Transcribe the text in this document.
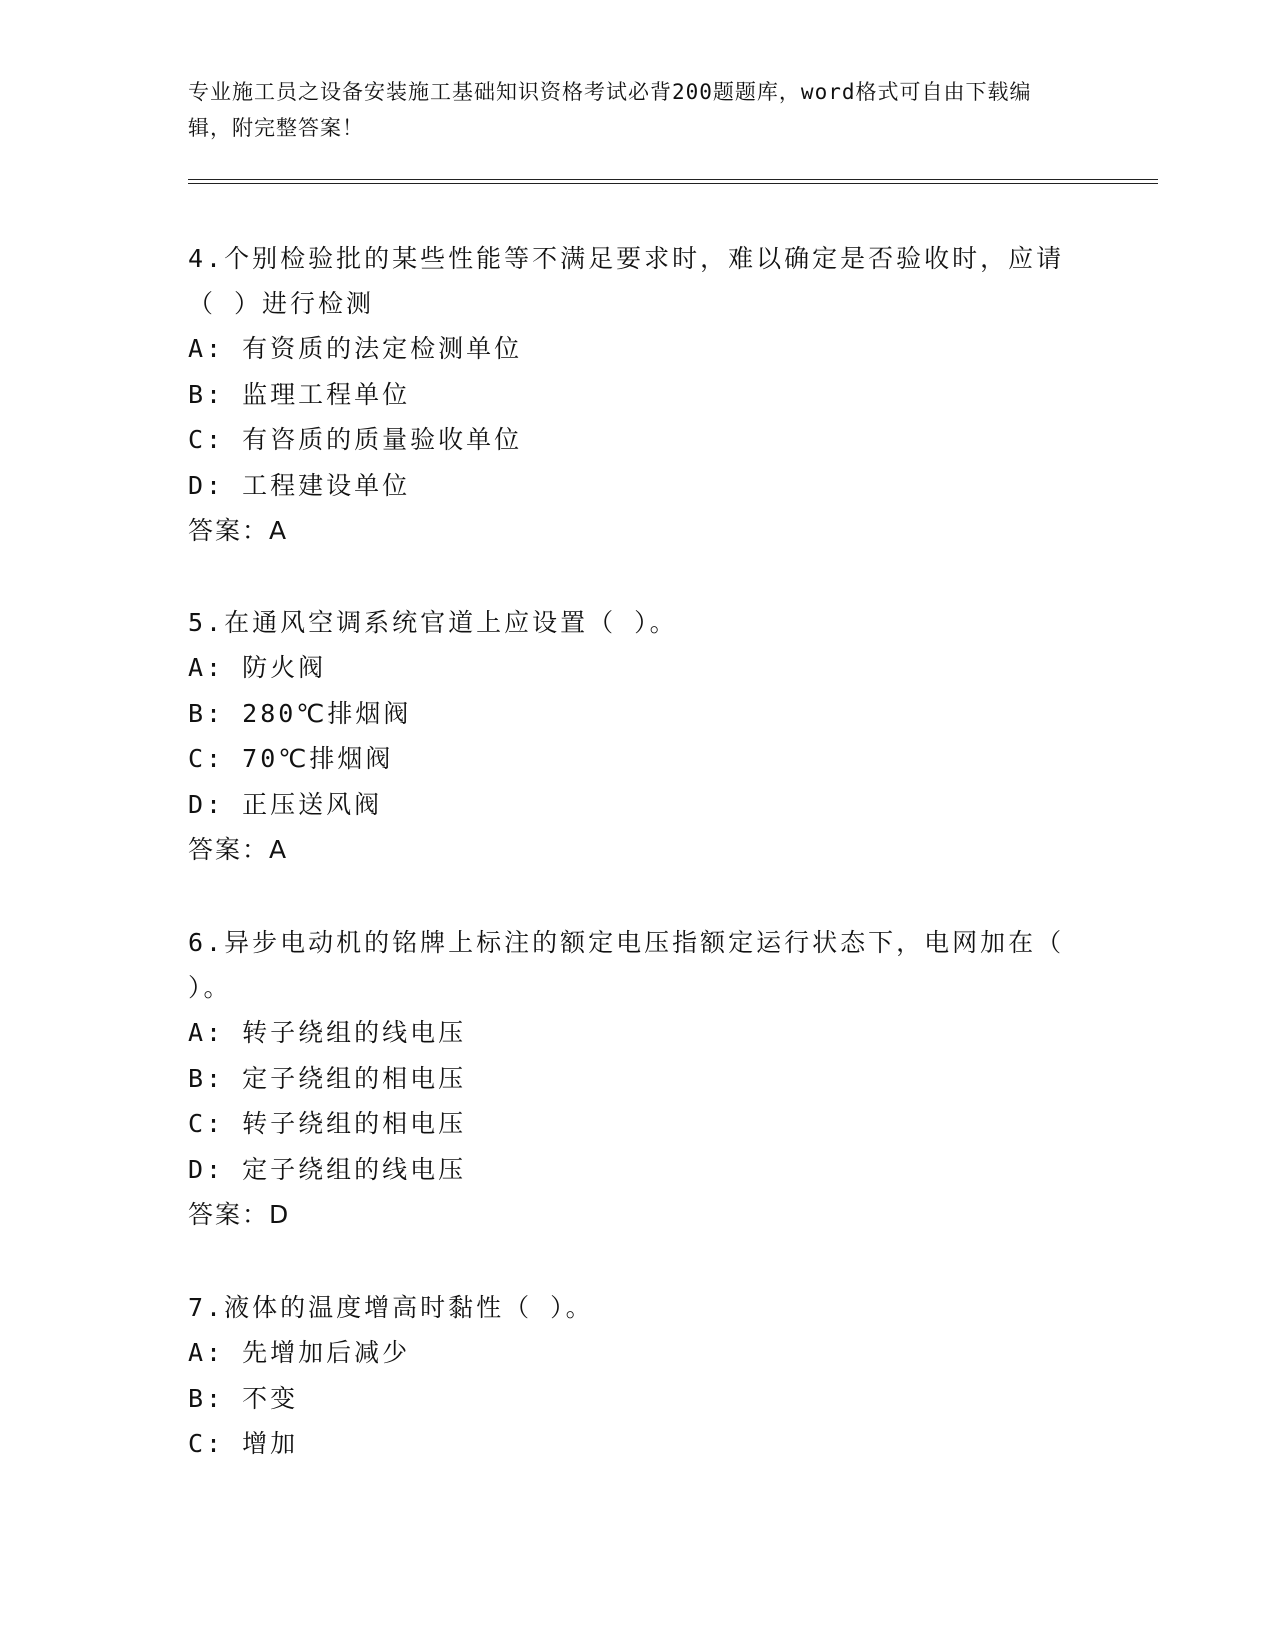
专业施工员之设备安装施工基础知识资格考试必背200题题库，word格式可自由下载编辑，附完整答案！

4.个别检验批的某些性能等不满足要求时，难以确定是否验收时，应请（ ）进行检测

A: 有资质的法定检测单位

B: 监理工程单位

C: 有咨质的质量验收单位

D: 工程建设单位

答案：A

5.在通风空调系统官道上应设置（ ）。

A: 防火阀

B: 280℃排烟阀

C: 70℃排烟阀

D: 正压送风阀

答案：A

6.异步电动机的铭牌上标注的额定电压指额定运行状态下，电网加在（ ）。

A: 转子绕组的线电压

B: 定子绕组的相电压

C: 转子绕组的相电压

D: 定子绕组的线电压

答案：D

7.液体的温度增高时黏性（ ）。

A: 先增加后减少

B: 不变

C: 增加
